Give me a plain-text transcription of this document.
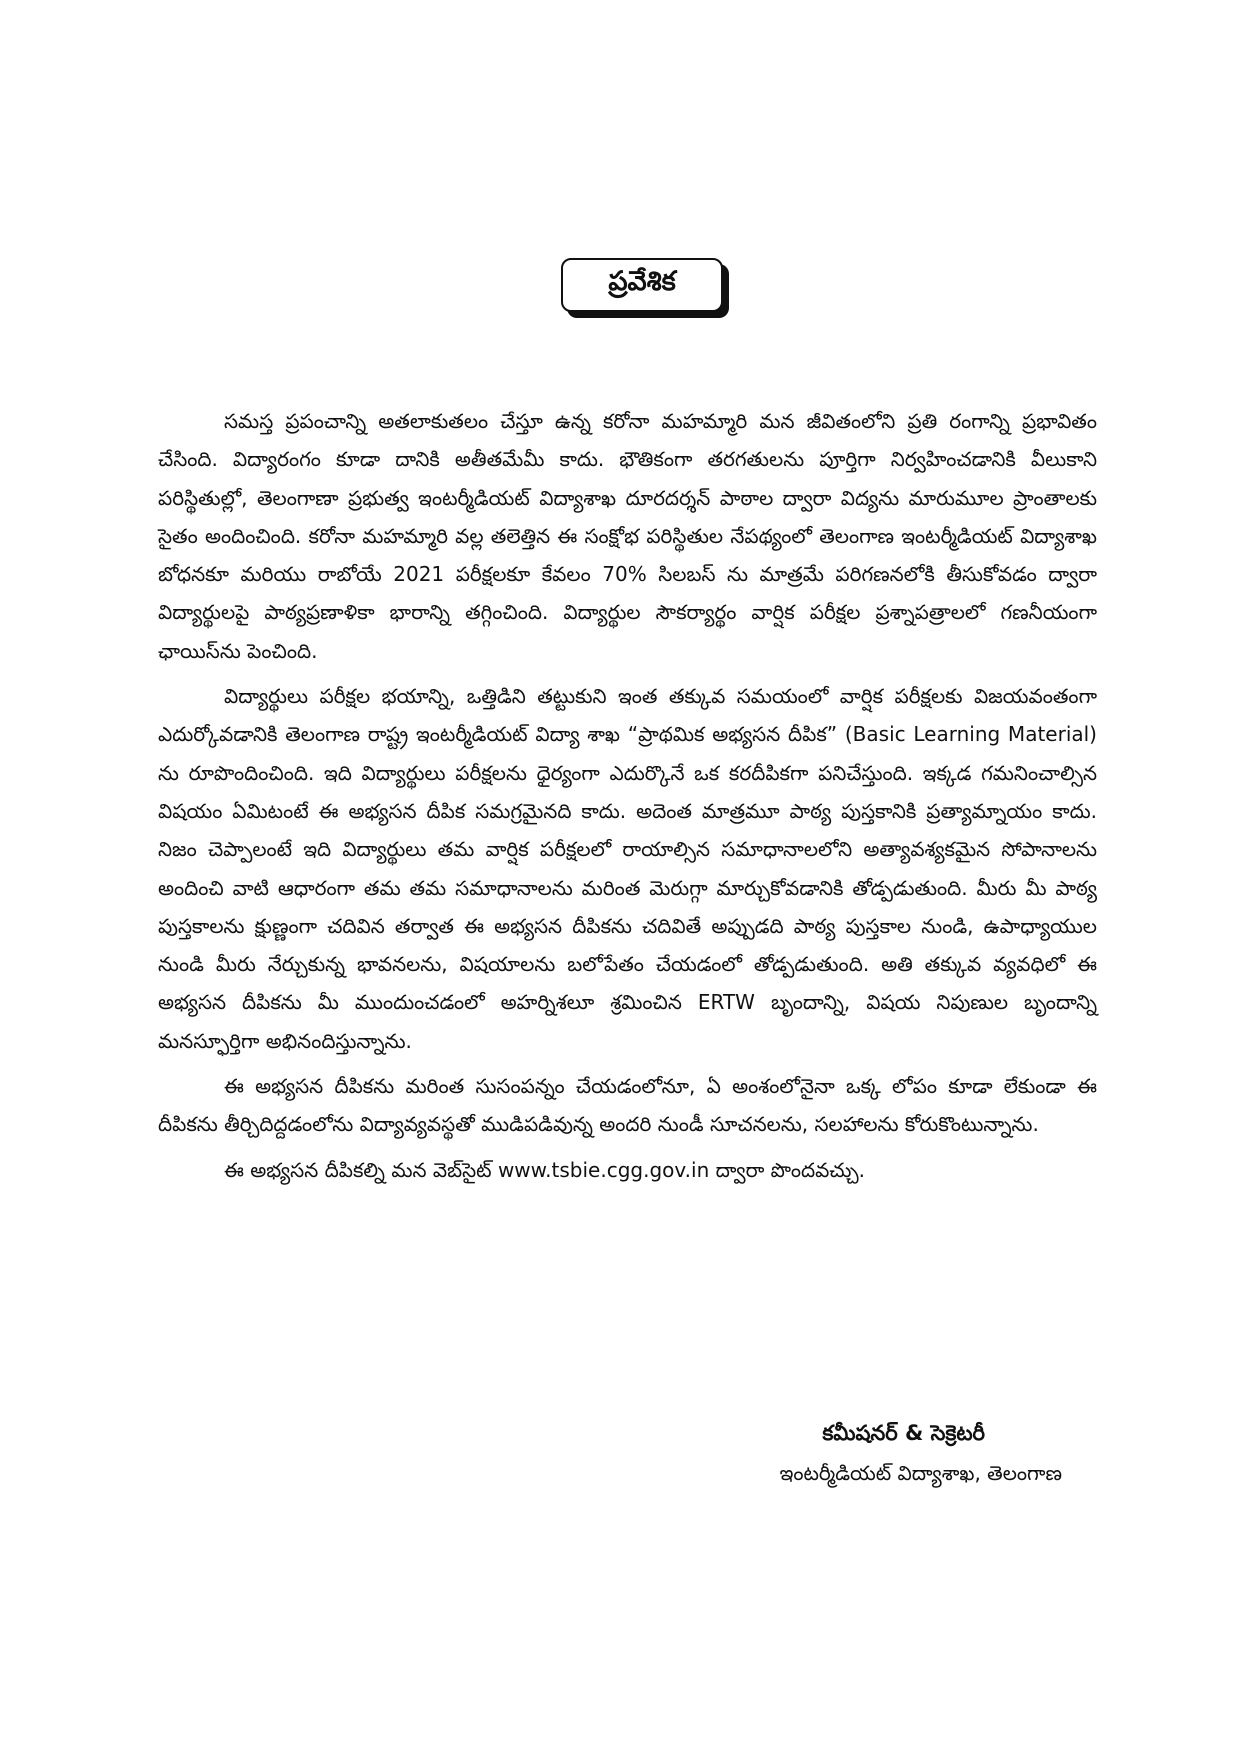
ప్రవేశిక

సమస్త ప్రపంచాన్ని అతలాకుతలం చేస్తూ ఉన్న కరోనా మహమ్మారి మన జీవితంలోని ప్రతి రంగాన్ని ప్రభావితం చేసింది. విద్యారంగం కూడా దానికి అతీతమేమీ కాదు. భౌతికంగా తరగతులను పూర్తిగా నిర్వహించడానికి వీలుకాని పరిస్థితుల్లో, తెలంగాణా ప్రభుత్వ ఇంటర్మీడియట్ విద్యాశాఖ దూరదర్శన్ పాఠాల ద్వారా విద్యను మారుమూల ప్రాంతాలకు సైతం అందించింది. కరోనా మహమ్మారి వల్ల తలెత్తిన ఈ సంక్షోభ పరిస్థితుల నేపథ్యంలో తెలంగాణ ఇంటర్మీడియట్ విద్యాశాఖ బోధనకూ మరియు రాబోయే 2021 పరీక్షలకూ కేవలం 70% సిలబస్ ను మాత్రమే పరిగణనలోకి తీసుకోవడం ద్వారా విద్యార్థులపై పాఠ్యప్రణాళికా భారాన్ని తగ్గించింది. విద్యార్థుల సౌకర్యార్థం వార్షిక పరీక్షల ప్రశ్నాపత్రాలలో గణనీయంగా ఛాయిస్‌ను పెంచింది.

విద్యార్థులు పరీక్షల భయాన్ని, ఒత్తిడిని తట్టుకుని ఇంత తక్కువ సమయంలో వార్షిక పరీక్షలకు విజయవంతంగా ఎదుర్కోవడానికి తెలంగాణ రాష్ట్ర ఇంటర్మీడియట్ విద్యా శాఖ “ప్రాథమిక అభ్యసన దీపిక” (Basic Learning Material) ను రూపొందించింది. ఇది విద్యార్థులు పరీక్షలను ధైర్యంగా ఎదుర్కొనే ఒక కరదీపికగా పనిచేస్తుంది. ఇక్కడ గమనించాల్సిన విషయం ఏమిటంటే ఈ అభ్యసన దీపిక సమగ్రమైనది కాదు. అదెంత మాత్రమూ పాఠ్య పుస్తకానికి ప్రత్యామ్నాయం కాదు. నిజం చెప్పాలంటే ఇది విద్యార్థులు తమ వార్షిక పరీక్షలలో రాయాల్సిన సమాధానాలలోని అత్యావశ్యకమైన సోపానాలను అందించి వాటి ఆధారంగా తమ తమ సమాధానాలను మరింత మెరుగ్గా మార్చుకోవడానికి తోడ్పడుతుంది. మీరు మీ పాఠ్య పుస్తకాలను క్షుణ్ణంగా చదివిన తర్వాత ఈ అభ్యసన దీపికను చదివితే అప్పుడది పాఠ్య పుస్తకాల నుండి, ఉపాధ్యాయుల నుండి మీరు నేర్చుకున్న భావనలను, విషయాలను బలోపేతం చేయడంలో తోడ్పడుతుంది. అతి తక్కువ వ్యవధిలో ఈ అభ్యసన దీపికను మీ ముందుంచడంలో అహర్నిశలూ శ్రమించిన ERTW బృందాన్ని, విషయ నిపుణుల బృందాన్ని మనస్ఫూర్తిగా అభినందిస్తున్నాను.

ఈ అభ్యసన దీపికను మరింత సుసంపన్నం చేయడంలోనూ, ఏ అంశంలోనైనా ఒక్క లోపం కూడా లేకుండా ఈ దీపికను తీర్చిదిద్దడంలోను విద్యావ్యవస్థతో ముడిపడివున్న అందరి నుండీ సూచనలను, సలహాలను కోరుకొంటున్నాను.

ఈ అభ్యసన దీపికల్ని మన వెబ్‌సైట్ www.tsbie.cgg.gov.in ద్వారా పొందవచ్చు.

కమీషనర్ & సెక్రెటరీ
ఇంటర్మీడియట్ విద్యాశాఖ, తెలంగాణ
